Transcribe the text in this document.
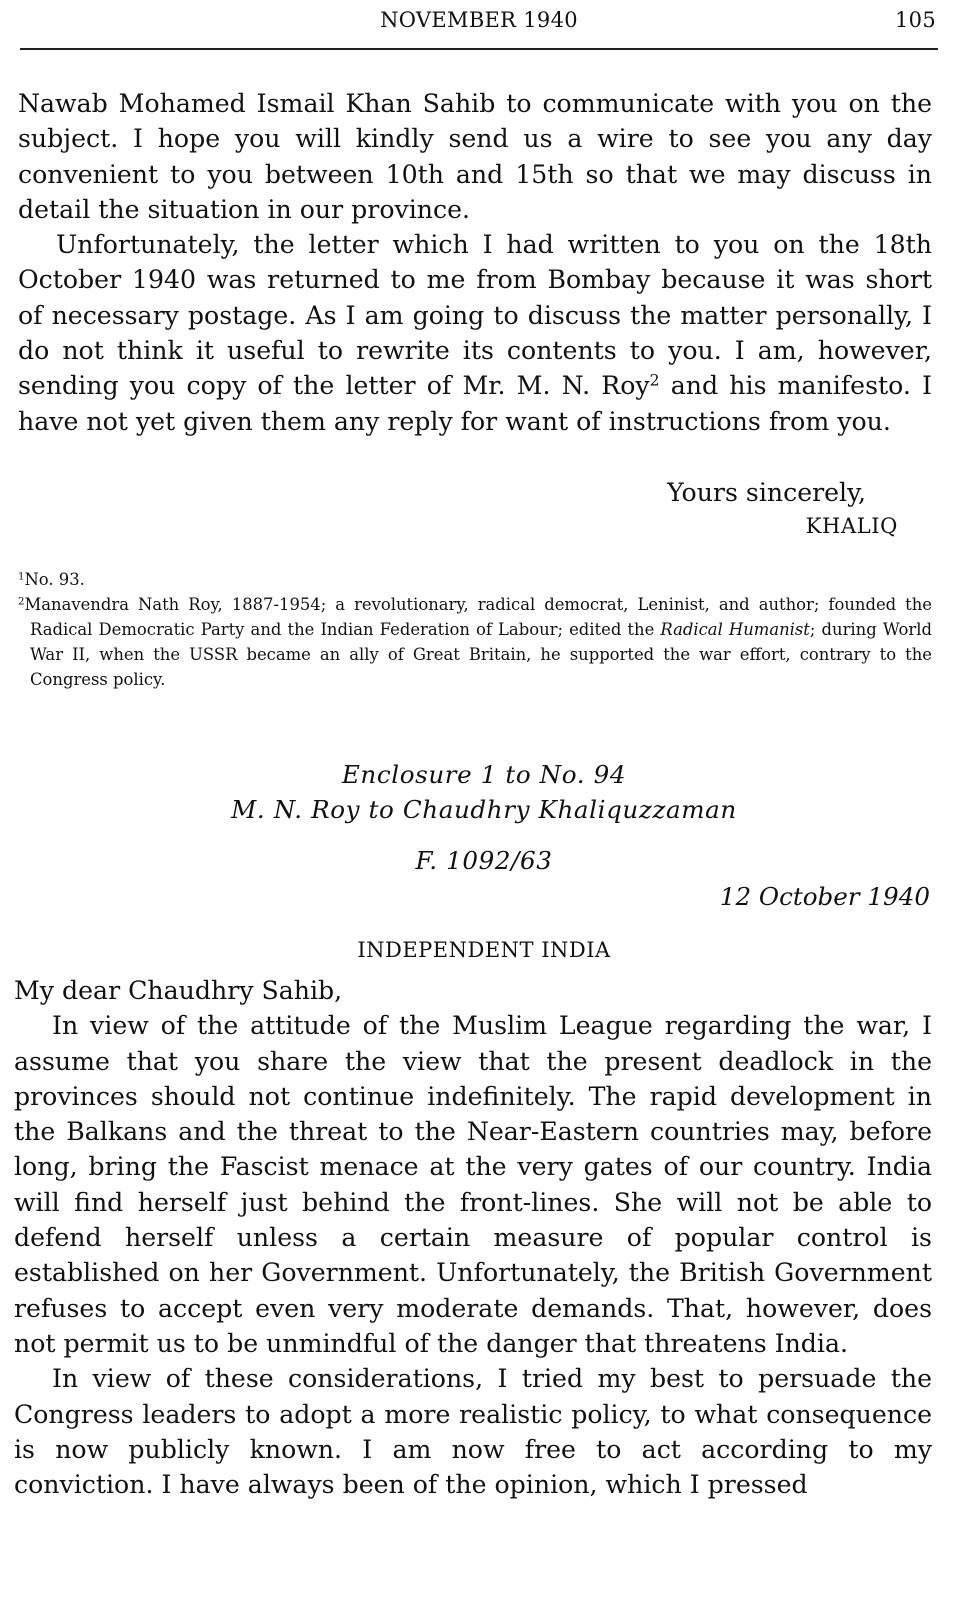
NOVEMBER 1940	105

Nawab Mohamed Ismail Khan Sahib to communicate with you on the subject. I hope you will kindly send us a wire to see you any day convenient to you between 10th and 15th so that we may discuss in detail the situation in our province.

Unfortunately, the letter which I had written to you on the 18th October 1940 was returned to me from Bombay because it was short of necessary postage. As I am going to discuss the matter personally, I do not think it useful to rewrite its contents to you. I am, however, sending you copy of the letter of Mr. M. N. Roy$^2$ and his manifesto. I have not yet given them any reply for want of instructions from you.

Yours sincerely,
KHALIQ

$^1$No. 93.

$^2$Manavendra Nath Roy, 1887-1954; a revolutionary, radical democrat, Leninist, and author; founded the Radical Democratic Party and the Indian Federation of Labour; edited the Radical Humanist; during World War II, when the USSR became an ally of Great Britain, he supported the war effort, contrary to the Congress policy.

Enclosure 1 to No. 94

M. N. Roy to Chaudhry Khaliquzzaman

F. 1092/63

12 October 1940

INDEPENDENT INDIA

My dear Chaudhry Sahib,

In view of the attitude of the Muslim League regarding the war, I assume that you share the view that the present deadlock in the provinces should not continue indefinitely. The rapid development in the Balkans and the threat to the Near-Eastern countries may, before long, bring the Fascist menace at the very gates of our country. India will find herself just behind the front-lines. She will not be able to defend herself unless a certain measure of popular control is established on her Government. Unfortunately, the British Government refuses to accept even very moderate demands. That, however, does not permit us to be unmindful of the danger that threatens India.

In view of these considerations, I tried my best to persuade the Congress leaders to adopt a more realistic policy, to what consequence is now publicly known. I am now free to act according to my conviction. I have always been of the opinion, which I pressed
